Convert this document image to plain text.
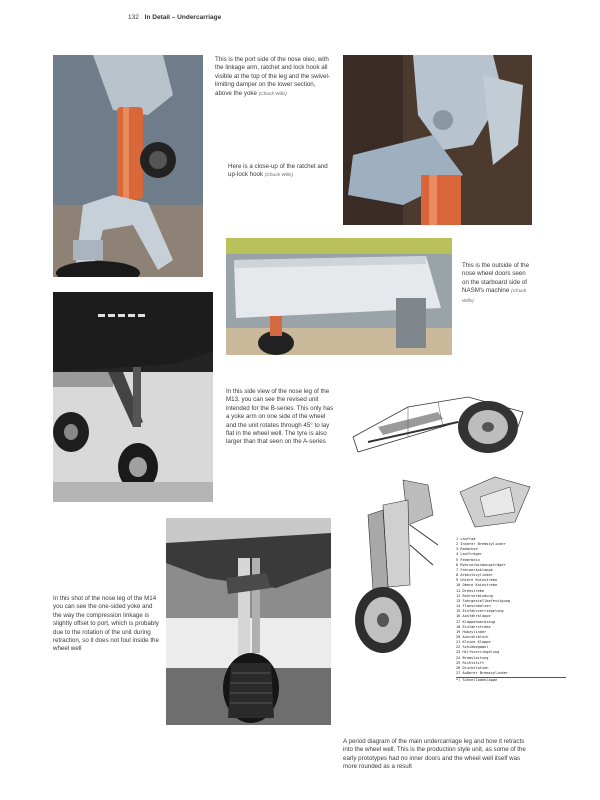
132 In Detail – Undercarriage
This is the port side of the nose oleo, with the linkage arm, ratchet and lock hook all visible at the top of the leg and the swivel-limiting damper on the lower section, above the yoke (Chuck Wills)
Here is a close-up of the ratchet and up-lock hook (Chuck Wills)
This is the outside of the nose wheel doors seen on the starboard side of NASM's machine (Chuck Wills)
In this side view of the nose leg of the M13, you can see the revised unit intended for the B-series. This only has a yoke arm on one side of the wheel and the unit rotates through 45° to lay flat in the wheel well. The tyre is also larger than that seen on the A-series
1 Laufrad
2 Innerer Bremszylinder
3 Radachse
4 Laufträger
5 Federbein
6 Rohrverbindungsträger
7 Fahrwerksklappe
8 Arbeitszylinder
9 Untere Kniestrebe
10 Obere Kniestrebe
11 Drehstrebe
12 Rohrverbindung
13 Fahrgestellbefestigung
14 Flanschbolzen
15 Einfahrverriegelung
16 Ausfahrklappe
17 Klappenwerkzeug
18 Einfahrstrebe
19 Hubzylinder
20 Ausrohrblech
21 Kleine Klappe
22 Schiebegabel
23 Hilfsverriegelung
24 Bremsleitung
25 Richtstift
26 Druckstutzen
27 Äußerer Bremszylinder
*) Schnelladeklappe
In this shot of the nose leg of the M14 you can see the one-sided yoke and the way the compression linkage is slightly offset to port, which is probably due to the rotation of the unit during retraction, so it does not foul inside the wheel well
A period diagram of the main undercarriage leg and how it retracts into the wheel well. This is the production style unit, as some of the early prototypes had no inner doors and the wheel well itself was more rounded as a result
